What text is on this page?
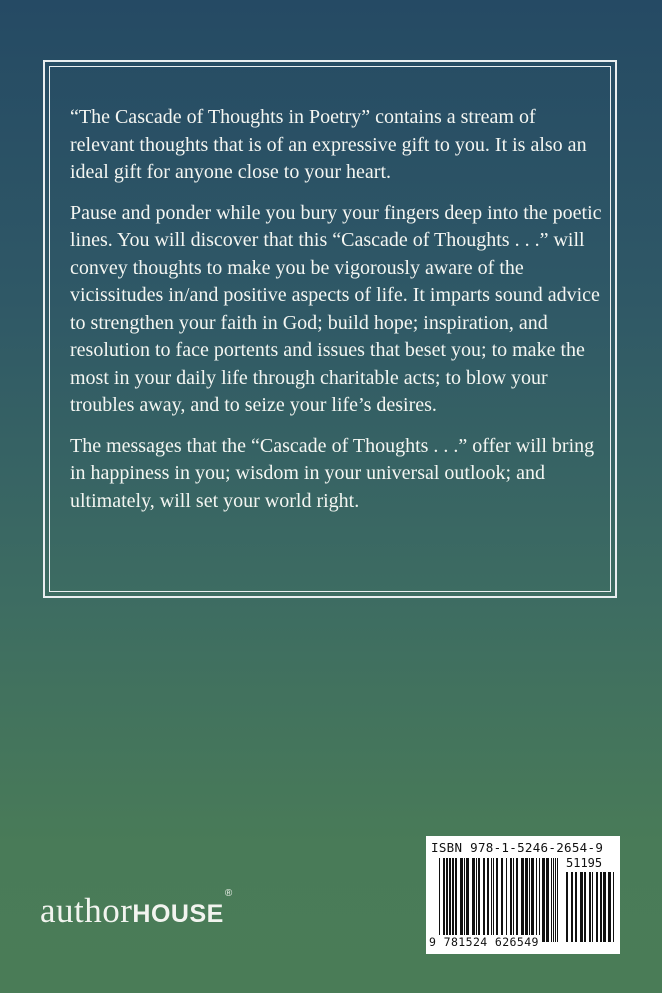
“The Cascade of Thoughts in Poetry” contains a stream of relevant thoughts that is of an expressive gift to you. It is also an ideal gift for anyone close to your heart.

Pause and ponder while you bury your fingers deep into the poetic lines. You will discover that this “Cascade of Thoughts . . .” will convey thoughts to make you be vigorously aware of the vicissitudes in/and positive aspects of life. It imparts sound advice to strengthen your faith in God; build hope; inspiration, and resolution to face portents and issues that beset you; to make the most in your daily life through charitable acts; to blow your troubles away, and to seize your life’s desires.

The messages that the “Cascade of Thoughts . . .” offer will bring in happiness in you; wisdom in your universal outlook; and ultimately, will set your world right.

authorHOUSE®
ISBN 978-1-5246-2654-9
51195
9 781524 626549
